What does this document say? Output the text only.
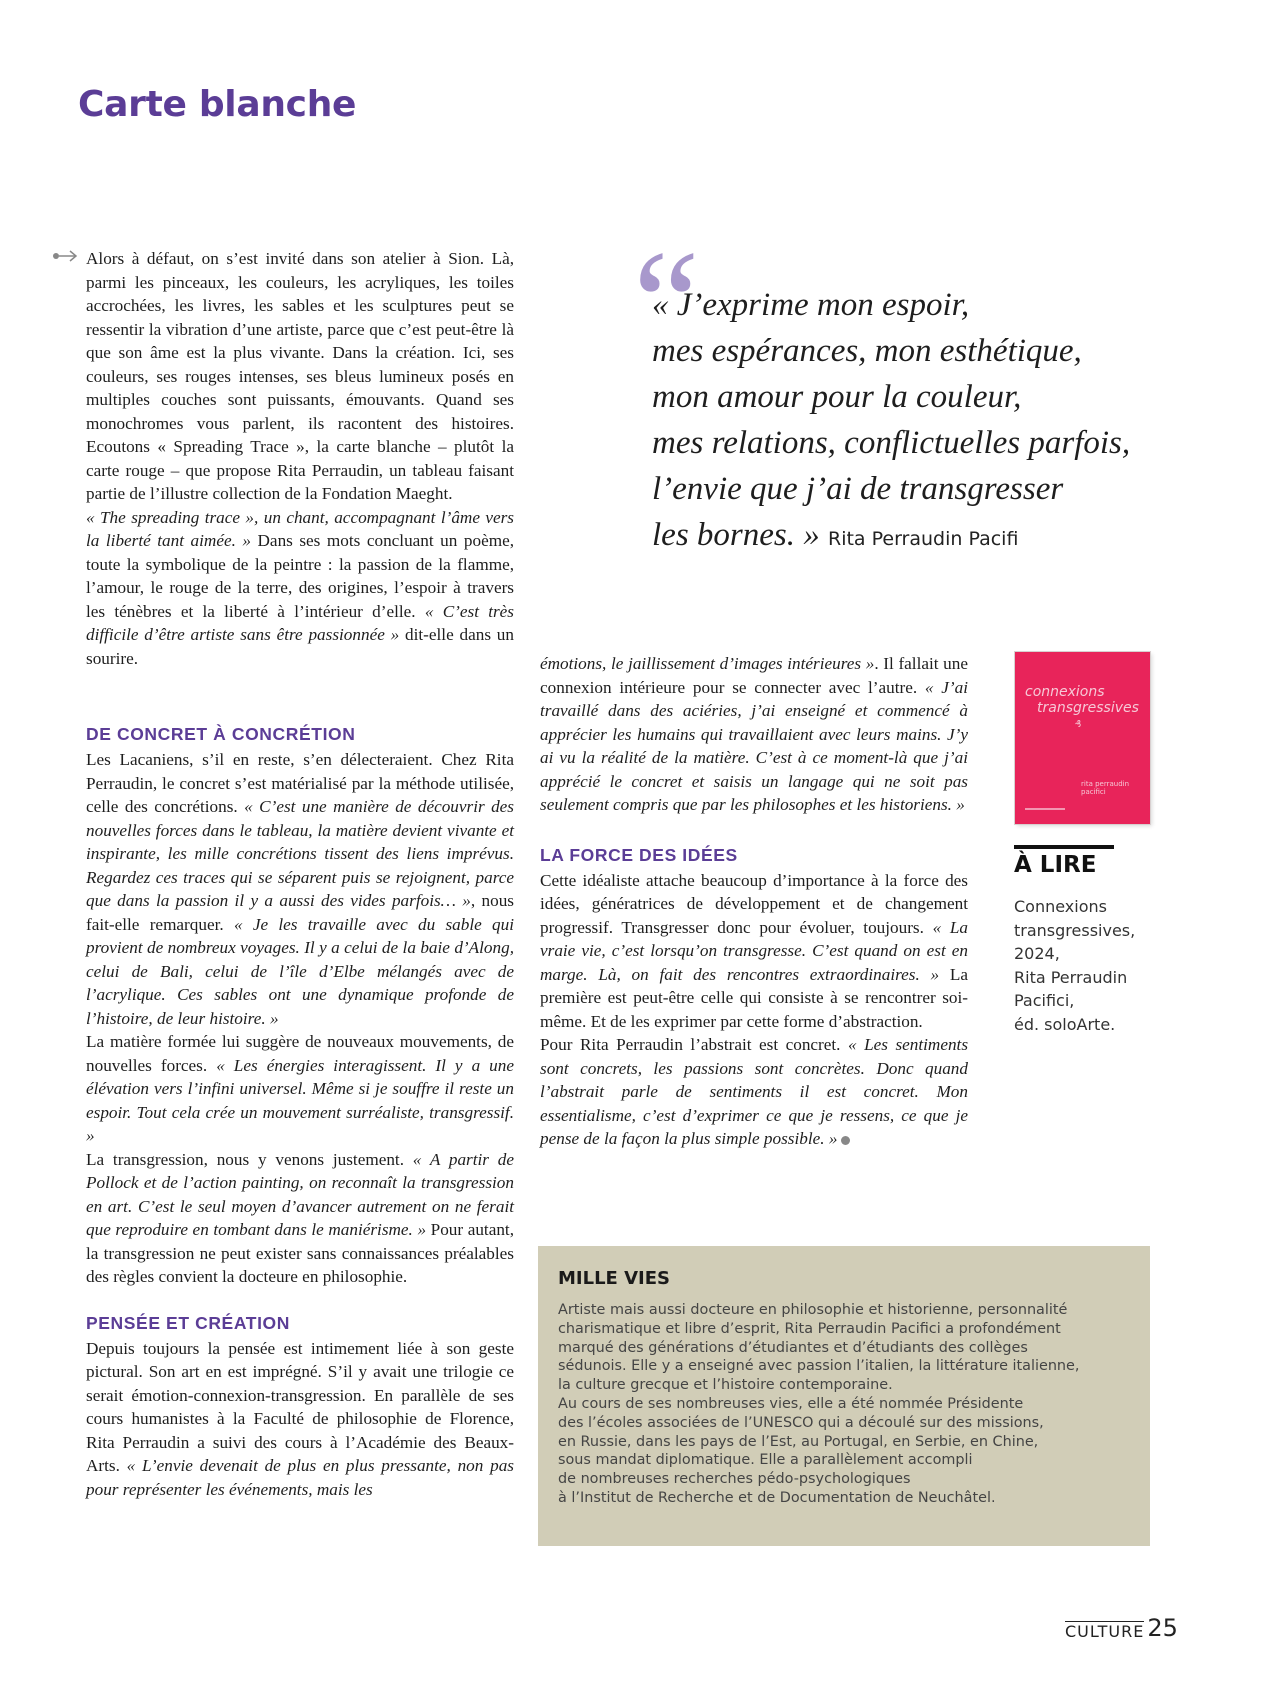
Carte blanche

Alors à défaut, on s’est invité dans son atelier à Sion. Là, parmi les pinceaux, les couleurs, les acryliques, les toiles accrochées, les livres, les sables et les sculptures peut se ressentir la vibration d’une artiste, parce que c’est peut-être là que son âme est la plus vivante. Dans la création. Ici, ses couleurs, ses rouges intenses, ses bleus lumineux posés en multiples couches sont puissants, émouvants. Quand ses monochromes vous parlent, ils racontent des histoires. Ecoutons « Spreading Trace », la carte blanche – plutôt la carte rouge – que propose Rita Perraudin, un tableau faisant partie de l’illustre collection de la Fondation Maeght.

« The spreading trace », un chant, accompagnant l’âme vers la liberté tant aimée. » Dans ses mots concluant un poème, toute la symbolique de la peintre : la passion de la flamme, l’amour, le rouge de la terre, des origines, l’espoir à travers les ténèbres et la liberté à l’intérieur d’elle. « C’est très difficile d’être artiste sans être passionnée » dit-elle dans un sourire.

DE CONCRET À CONCRÉTION

Les Lacaniens, s’il en reste, s’en délecteraient. Chez Rita Perraudin, le concret s’est matérialisé par la méthode utilisée, celle des concrétions. « C’est une manière de découvrir des nouvelles forces dans le tableau, la matière devient vivante et inspirante, les mille concrétions tissent des liens imprévus. Regardez ces traces qui se séparent puis se rejoignent, parce que dans la passion il y a aussi des vides parfois… », nous fait-elle remarquer. « Je les travaille avec du sable qui provient de nombreux voyages. Il y a celui de la baie d’Along, celui de Bali, celui de l’île d’Elbe mélangés avec de l’acrylique. Ces sables ont une dynamique profonde de l’histoire, de leur histoire. »

La matière formée lui suggère de nouveaux mouvements, de nouvelles forces. « Les énergies interagissent. Il y a une élévation vers l’infini universel. Même si je souffre il reste un espoir. Tout cela crée un mouvement surréaliste, transgressif. »

La transgression, nous y venons justement. « A partir de Pollock et de l’action painting, on reconnaît la transgression en art. C’est le seul moyen d’avancer autrement on ne ferait que reproduire en tombant dans le maniérisme. » Pour autant, la transgression ne peut exister sans connaissances préalables des règles convient la docteure en philosophie.

PENSÉE ET CRÉATION

Depuis toujours la pensée est intimement liée à son geste pictural. Son art en est imprégné. S’il y avait une trilogie ce serait émotion-connexion-transgression. En parallèle de ses cours humanistes à la Faculté de philosophie de Florence, Rita Perraudin a suivi des cours à l’Académie des Beaux-Arts. « L’envie devenait de plus en plus pressante, non pas pour représenter les événements, mais les

émotions, le jaillissement d’images intérieures ». Il fallait une connexion intérieure pour se connecter avec l’autre. « J’ai travaillé dans des aciéries, j’ai enseigné et commencé à apprécier les humains qui travaillaient avec leurs mains. J’y ai vu la réalité de la matière. C’est à ce moment-là que j’ai apprécié le concret et saisis un langage qui ne soit pas seulement compris que par les philosophes et les historiens. »

LA FORCE DES IDÉES

Cette idéaliste attache beaucoup d’importance à la force des idées, génératrices de développement et de changement progressif. Transgresser donc pour évoluer, toujours. « La vraie vie, c’est lorsqu’on transgresse. C’est quand on est en marge. Là, on fait des rencontres extraordinaires. » La première est peut-être celle qui consiste à se rencontrer soi-même. Et de les exprimer par cette forme d’abstraction.

Pour Rita Perraudin l’abstrait est concret. « Les sentiments sont concrets, les passions sont concrètes. Donc quand l’abstrait parle de sentiments il est concret. Mon essentialisme, c’est d’exprimer ce que je ressens, ce que je pense de la façon la plus simple possible. »

“

« J’exprime mon espoir,
mes espérances, mon esthétique,
mon amour pour la couleur,
mes relations, conflictuelles parfois,
l’envie que j’ai de transgresser
les bornes. » Rita Perraudin Pacifi

connexions
transgressives
₰
rita perraudin pacifici
À LIRE

Connexions
transgressives,
2024,
Rita Perraudin
Pacifici,
éd. soloArte.

MILLE VIES

Artiste mais aussi docteure en philosophie et historienne, personnalité
charismatique et libre d’esprit, Rita Perraudin Pacifici a profondément
marqué des générations d’étudiantes et d’étudiants des collèges
sédunois. Elle y a enseigné avec passion l’italien, la littérature italienne,
la culture grecque et l’histoire contemporaine.
Au cours de ses nombreuses vies, elle a été nommée Présidente
des l’écoles associées de l’UNESCO qui a découlé sur des missions,
en Russie, dans les pays de l’Est, au Portugal, en Serbie, en Chine,
sous mandat diplomatique. Elle a parallèlement accompli
de nombreuses recherches pédo-psychologiques
à l’Institut de Recherche et de Documentation de Neuchâtel.

CULTURE 25
